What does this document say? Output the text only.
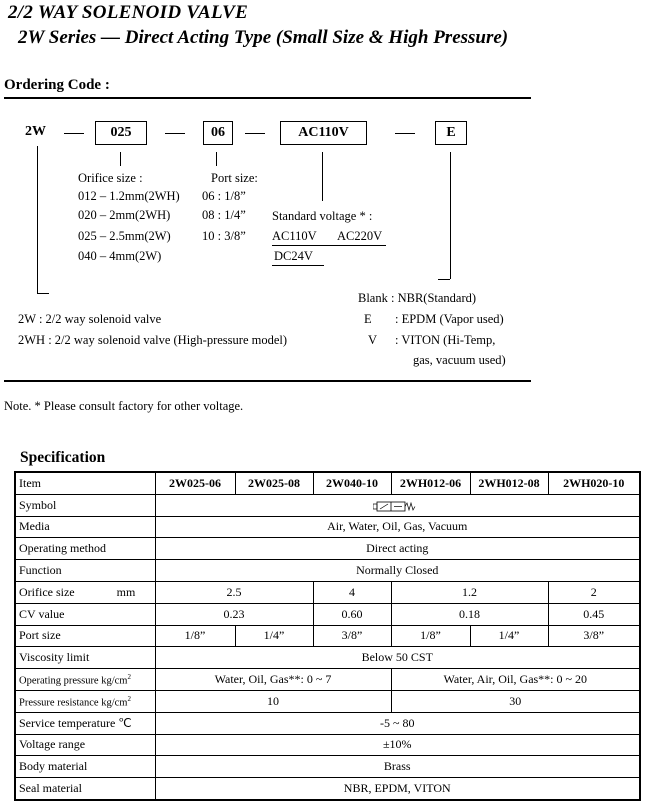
2/2 WAY SOLENOID VALVE
2W Series — Direct Acting Type (Small Size & High Pressure)
Ordering Code :
2W	025	06	AC110V	E
Orifice size :
012 – 1.2mm(2WH)
020 – 2mm(2WH)
025 – 2.5mm(2W)
040 – 4mm(2W)
Port size:
06 : 1/8”
08 : 1/4”
10 : 3/8”
Standard voltage * :
AC110V AC220V
DC24V
2W : 2/2 way solenoid valve
2WH : 2/2 way solenoid valve (High-pressure model)
Blank : NBR(Standard)
E : EPDM (Vapor used)
V : VITON (Hi-Temp,
gas, vacuum used)
Note. * Please consult factory for other voltage.
Specification
Item	2W025-06	2W025-08	2W040-10	2WH012-06	2WH012-08	2WH020-10
Symbol	
Media	Air, Water, Oil, Gas, Vacuum					
Operating method	Direct acting					
Function	Normally Closed					
Orifice size mm	2.5		4	1.2		2
CV value	0.23		0.60	0.18		0.45
Port size	1/8”	1/4”	3/8”	1/8”	1/4”	3/8”
Viscosity limit	Below 50 CST					
Operating pressure $kg/cm^2$	Water, Oil, Gas**: 0 ~ 7			Water, Air, Oil, Gas**: 0 ~ 20		
Pressure resistance $kg/cm^2$	10			30		
Service temperature ℃	-5 ~ 80					
Voltage range	±10%					
Body material	Brass					
Seal material	NBR, EPDM, VITON					
